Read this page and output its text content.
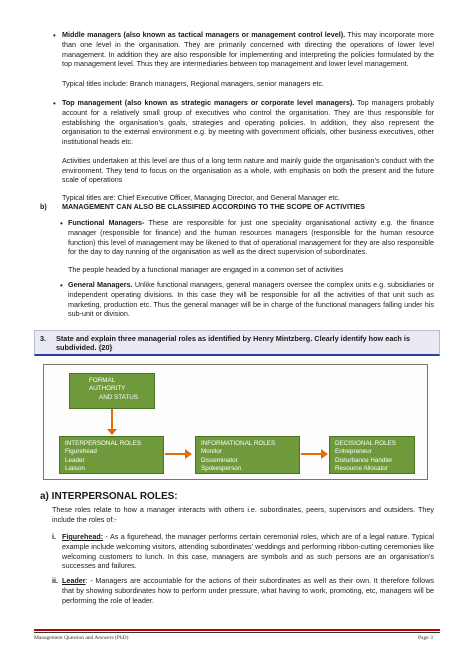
• Middle managers (also known as tactical managers or management control level). This may incorporate more than one level in the organisation. They are primarily concerned with directing the operations of lower level management. In addition they are also responsible for implementing and interpreting the policies formulated by the top management level. Thus they are intermediaries between top management and lower level management.

Typical titles include: Branch managers, Regional managers, senior managers etc.

• Top management (also known as strategic managers or corporate level managers). Top managers probably account for a relatively small group of executives who control the organisation. They are thus responsible for establishing the organisation’s goals, strategies and operating policies. In addition, they also represent the organisation to the external environment e.g. by meeting with government officials, other business executives, other institutional heads etc.

Activities undertaken at this level are thus of a long term nature and mainly guide the organisation’s conduct with the environment. They tend to focus on the organisation as a whole, with emphasis on both the present and the future scale of operations

Typical titles are: Chief Executive Officer, Managing Director, and General Manager etc.

b) MANAGEMENT CAN ALSO BE CLASSIFIED ACCORDING TO THE SCOPE OF ACTIVITIES
• Functional Managers- These are responsible for just one speciality organisational activity e.g. the finance manager (responsible for finance) and the human resources managers (responsible for the human resource function) this level of management may be likened to that of operational management for they are also responsible for the day to day running of the organisation as well as the direct supervision of subordinates.

The people headed by a functional manager are engaged in a common set of activities

• General Managers. Unlike functional managers, general managers oversee the complex units e.g. subsidiaries or independent operating divisions. In this case they will be responsible for all the activities of that unit such as marketing, production etc. Thus the general manager will be in charge of the functional managers falling under his sub-unit or division.

3. State and explain three managerial roles as identified by Henry Mintzberg. Clearly identify how each is subdivided. {20}
FORMAL AUTHORITY
AND STATUS
INTERPERSONAL ROLES
Figurehead
Leader
Liaison
INFORMATIONAL ROLES
Monitor
Disseminator
Spokesperson
DECISIONAL ROLES
Entrepreneur
Disturbance Handler
Resource Allocator
a) INTERPERSONAL ROLES:

These roles relate to how a manager interacts with others i.e. subordinates, peers, supervisors and outsiders. They include the roles of:-

i. Figurehead: - As a figurehead, the manager performs certain ceremonial roles, which are of a legal nature. Typical example include welcoming visitors, attending subordinates’ weddings and performing ribbon-cutting ceremonies like welcoming customers to lunch. In this case, managers are symbols and as such persons are an organisation’s successes and failures.

ii. Leader: - Managers are accountable for the actions of their subordinates as well as their own. It therefore follows that by showing subordinates how to perform under pressure, what having to work, promoting, etc, managers will be performing the role of leader.

Management Question and Answers (PhD)	Page 3
